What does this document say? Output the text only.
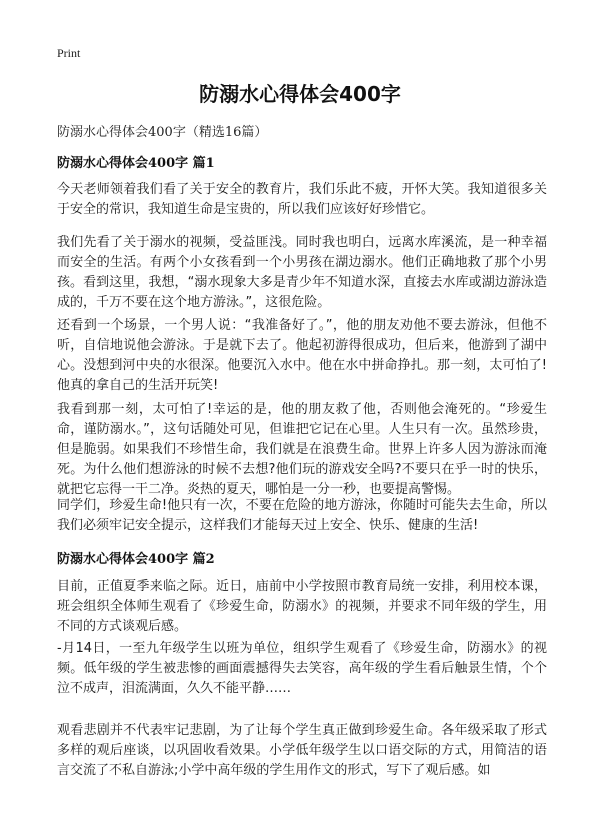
Print
防溺水心得体会400字
防溺水心得体会400字（精选16篇）
防溺水心得体会400字 篇1
今天老师领着我们看了关于安全的教育片，我们乐此不疲，开怀大笑。我知道很多关于安全的常识，我知道生命是宝贵的，所以我们应该好好珍惜它。
我们先看了关于溺水的视频，受益匪浅。同时我也明白，远离水库溪流，是一种幸福而安全的生活。有两个小女孩看到一个小男孩在湖边溺水。他们正确地救了那个小男孩。看到这里，我想，“溺水现象大多是青少年不知道水深，直接去水库或湖边游泳造成的，千万不要在这个地方游泳。”，这很危险。
还看到一个场景，一个男人说：“我准备好了。”，他的朋友劝他不要去游泳，但他不听，自信地说他会游泳。于是就下去了。他起初游得很成功，但后来，他游到了湖中心。没想到河中央的水很深。他要沉入水中。他在水中拼命挣扎。那一刻，太可怕了!他真的拿自己的生活开玩笑!
我看到那一刻，太可怕了!幸运的是，他的朋友救了他，否则他会淹死的。“珍爱生命，谨防溺水。”，这句话随处可见，但谁把它记在心里。人生只有一次。虽然珍贵，但是脆弱。如果我们不珍惜生命，我们就是在浪费生命。世界上许多人因为游泳而淹死。为什么他们想游泳的时候不去想?他们玩的游戏安全吗?不要只在乎一时的快乐，就把它忘得一干二净。炎热的夏天，哪怕是一分一秒，也要提高警惕。
同学们，珍爱生命!他只有一次，不要在危险的地方游泳，你随时可能失去生命，所以我们必须牢记安全提示，这样我们才能每天过上安全、快乐、健康的生活!
防溺水心得体会400字 篇2
目前，正值夏季来临之际。近日，庙前中小学按照市教育局统一安排，利用校本课，班会组织全体师生观看了《珍爱生命，防溺水》的视频，并要求不同年级的学生，用不同的方式谈观后感。
-月14日，一至九年级学生以班为单位，组织学生观看了《珍爱生命，防溺水》的视频。低年级的学生被悲惨的画面震撼得失去笑容，高年级的学生看后触景生情，个个泣不成声，泪流满面，久久不能平静……
观看悲剧并不代表牢记悲剧，为了让每个学生真正做到珍爱生命。各年级采取了形式多样的观后座谈，以巩固收看效果。小学低年级学生以口语交际的方式，用简洁的语言交流了不私自游泳;小学中高年级的学生用作文的形式，写下了观后感。如
